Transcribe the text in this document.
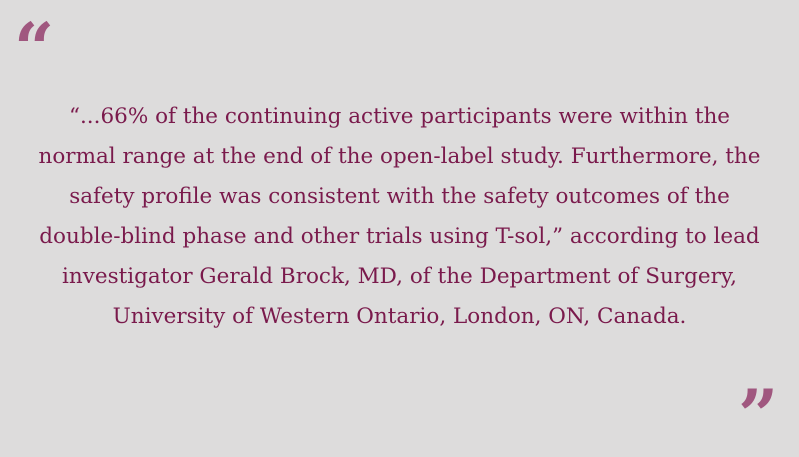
“
“...66% of the continuing active participants were within the
normal range at the end of the open-label study. Furthermore, the
safety profile was consistent with the safety outcomes of the
double-blind phase and other trials using T-sol,” according to lead
investigator Gerald Brock, MD, of the Department of Surgery,
University of Western Ontario, London, ON, Canada.
”
